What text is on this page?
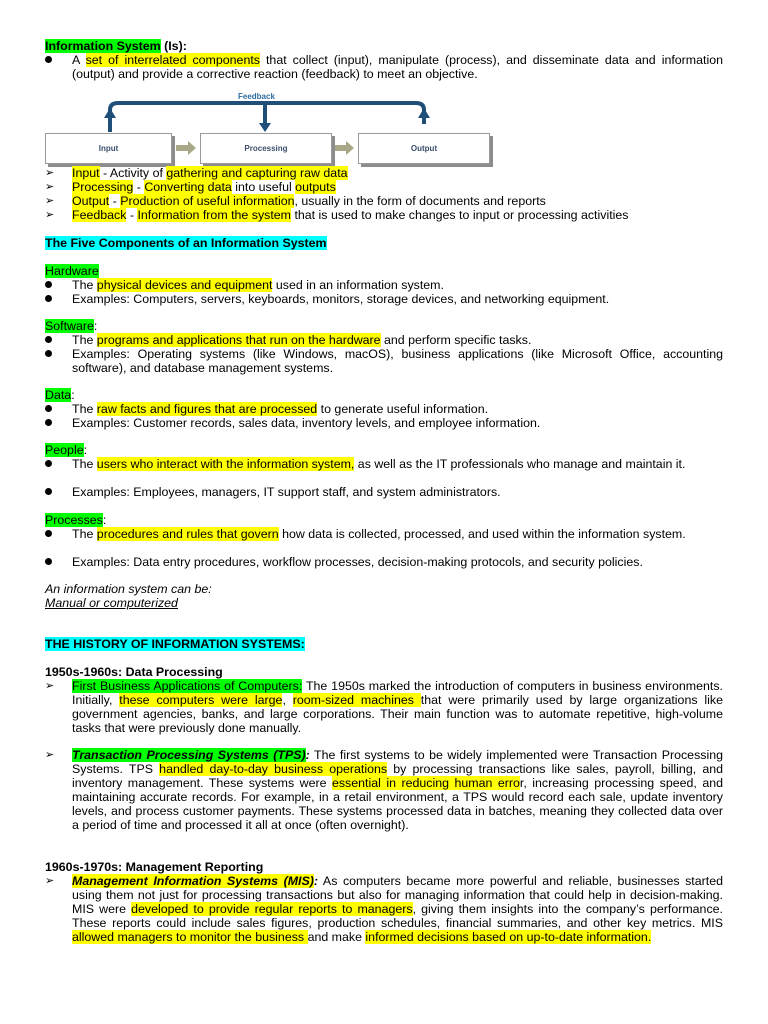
Information System (Is):
A set of interrelated components that collect (input), manipulate (process), and disseminate data and information (output) and provide a corrective reaction (feedback) to meet an objective.
Feedback
Input	Processing	Output
➢	Input - Activity of gathering and capturing raw data
➢	Processing - Converting data into useful outputs
➢	Output - Production of useful information, usually in the form of documents and reports
➢	Feedback - Information from the system that is used to make changes to input or processing activities
The Five Components of an Information System
Hardware
The physical devices and equipment used in an information system.
Examples: Computers, servers, keyboards, monitors, storage devices, and networking equipment.
Software:
The programs and applications that run on the hardware and perform specific tasks.
Examples: Operating systems (like Windows, macOS), business applications (like Microsoft Office, accounting software), and database management systems.
Data:
The raw facts and figures that are processed to generate useful information.
Examples: Customer records, sales data, inventory levels, and employee information.
People:
The users who interact with the information system, as well as the IT professionals who manage and maintain it.
Examples: Employees, managers, IT support staff, and system administrators.
Processes:
The procedures and rules that govern how data is collected, processed, and used within the information system.
Examples: Data entry procedures, workflow processes, decision-making protocols, and security policies.
An information system can be:
Manual or computerized
THE HISTORY OF INFORMATION SYSTEMS:
1950s-1960s: Data Processing
➢	First Business Applications of Computers: The 1950s marked the introduction of computers in business environments. Initially, these computers were large, room-sized machines that were primarily used by large organizations like government agencies, banks, and large corporations. Their main function was to automate repetitive, high-volume tasks that were previously done manually.
➢	Transaction Processing Systems (TPS): The first systems to be widely implemented were Transaction Processing Systems. TPS handled day-to-day business operations by processing transactions like sales, payroll, billing, and inventory management. These systems were essential in reducing human error, increasing processing speed, and maintaining accurate records. For example, in a retail environment, a TPS would record each sale, update inventory levels, and process customer payments. These systems processed data in batches, meaning they collected data over a period of time and processed it all at once (often overnight).
1960s-1970s: Management Reporting
➢	Management Information Systems (MIS): As computers became more powerful and reliable, businesses started using them not just for processing transactions but also for managing information that could help in decision-making. MIS were developed to provide regular reports to managers, giving them insights into the company’s performance. These reports could include sales figures, production schedules, financial summaries, and other key metrics. MIS allowed managers to monitor the business and make informed decisions based on up-to-date information.
